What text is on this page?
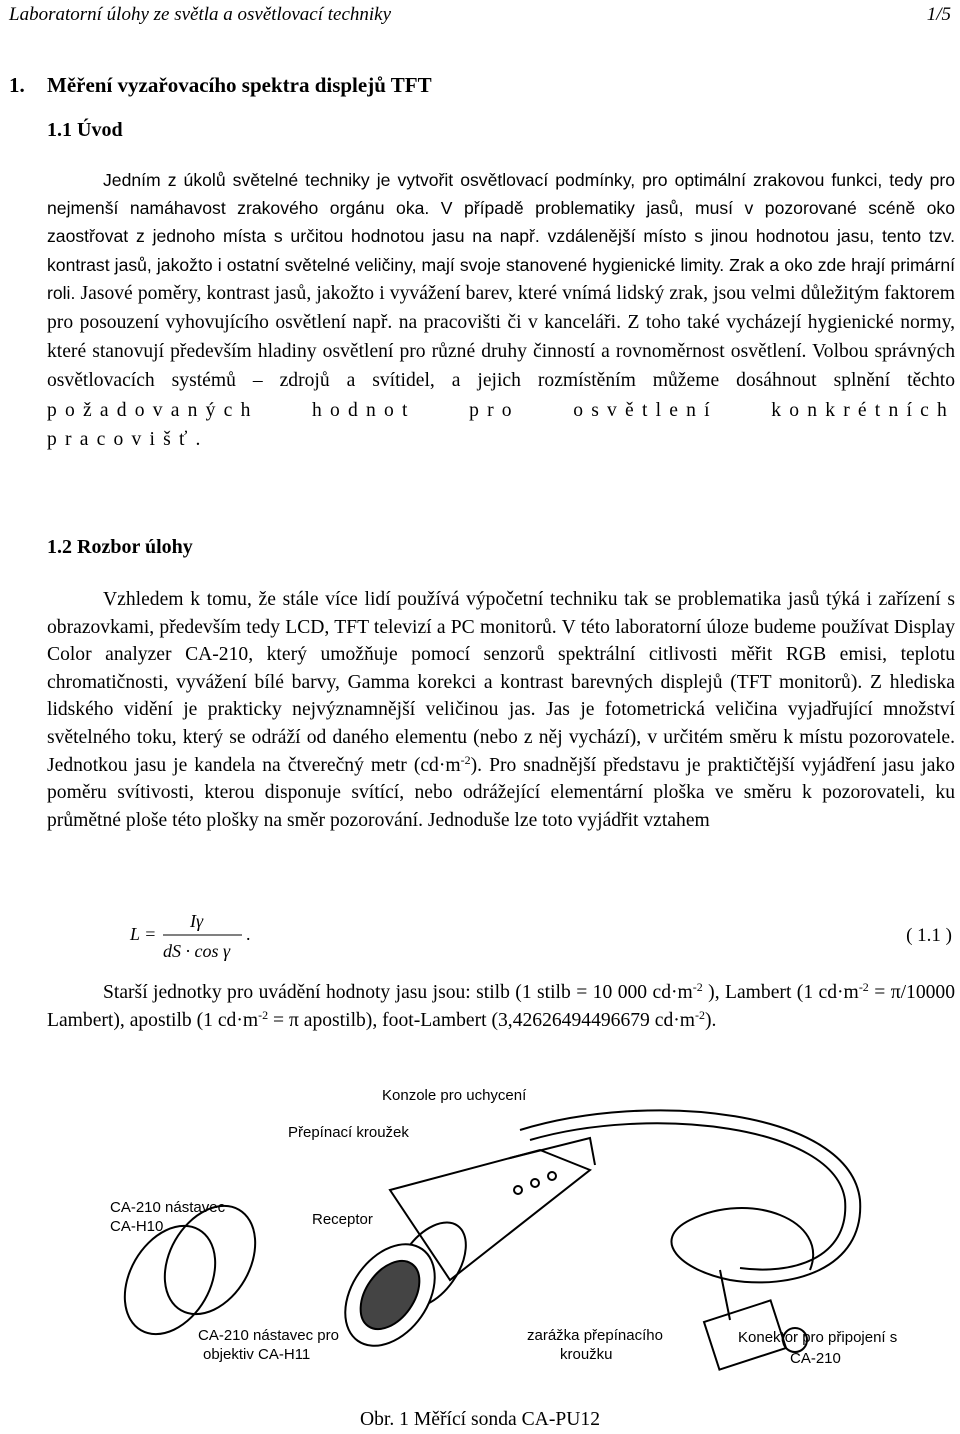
Laboratorní úlohy ze světla a osvětlovací techniky	1/5
1. Měření vyzařovacího spektra displejů TFT
1.1 Úvod
Jedním z úkolů světelné techniky je vytvořit osvětlovací podmínky, pro optimální zrakovou funkci, tedy pro nejmenší namáhavost zrakového orgánu oka. V případě problematiky jasů, musí v pozorované scéně oko zaostřovat z jednoho místa s určitou hodnotou jasu na např. vzdálenější místo s jinou hodnotou jasu, tento tzv. kontrast jasů, jakožto i ostatní světelné veličiny, mají svoje stanovené hygienické limity. Zrak a oko zde hrají primární roli. Jasové poměry, kontrast jasů, jakožto i vyvážení barev, které vnímá lidský zrak, jsou velmi důležitým faktorem pro posouzení vyhovujícího osvětlení např. na pracovišti či v kanceláři. Z toho také vycházejí hygienické normy, které stanovují především hladiny osvětlení pro různé druhy činností a rovnoměrnost osvětlení. Volbou správných osvětlovacích systémů – zdrojů a svítidel, a jejich rozmístěním můžeme dosáhnout splnění těchto požadovaných hodnot pro osvětlení konkrétních pracovišť.
1.2 Rozbor úlohy
Vzhledem k tomu, že stále více lidí používá výpočetní techniku tak se problematika jasů týká i zařízení s obrazovkami, především tedy LCD, TFT televizí a PC monitorů. V této laboratorní úloze budeme používat Display Color analyzer CA-210, který umožňuje pomocí senzorů spektrální citlivosti měřit RGB emisi, teplotu chromatičnosti, vyvážení bílé barvy, Gamma korekci a kontrast barevných displejů (TFT monitorů). Z hlediska lidského vidění je prakticky nejvýznamnější veličinou jas. Jas je fotometrická veličina vyjadřující množství světelného toku, který se odráží od daného elementu (nebo z něj vychází), v určitém směru k místu pozorovatele. Jednotkou jasu je kandela na čtverečný metr $(cd\cdot m^{-2})$. Pro snadnější představu je praktičtější vyjádření jasu jako poměru svítivosti, kterou disponuje svítící, nebo odrážející elementární ploška ve směru k pozorovateli, ku průmětné ploše této plošky na směr pozorování. Jednoduše lze toto vyjádřit vztahem
L =
Iγ
dS · cos γ
.	( 1.1 )
Starší jednotky pro uvádění hodnoty jasu jsou: stilb (1 stilb = 10 000 $cd\cdot m^{-2}$ ), Lambert (1 $cd\cdot m^{-2} = \pi/10000$ Lambert), apostilb (1 $cd\cdot m^{-2} = \pi$ apostilb), foot-Lambert (3,42626494496679 $cd\cdot m^{-2}$).
Konzole pro uchycení
Přepínací kroužek
CA-210 nástavec
CA-H10	Receptor
CA-210 nástavec pro
objektiv CA-H11
zarážka přepínacího
kroužku
Konektor pro připojení s
CA-210
Obr. 1 Měřící sonda CA-PU12
